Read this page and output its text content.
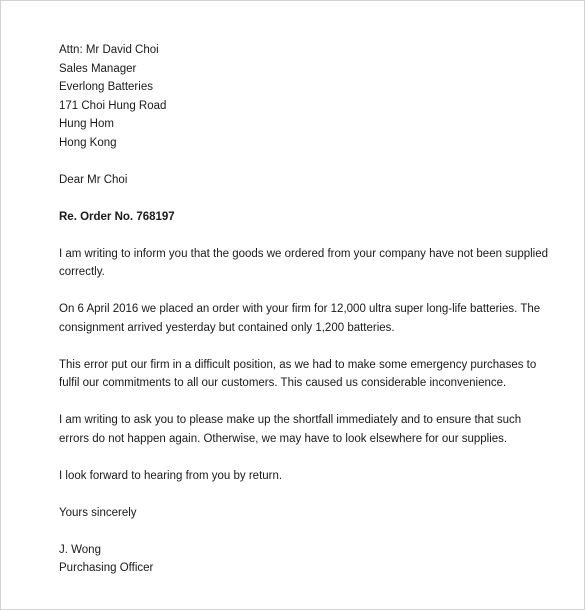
Attn: Mr David Choi
Sales Manager
Everlong Batteries
171 Choi Hung Road
Hung Hom
Hong Kong
Dear Mr Choi
Re. Order No. 768197
I am writing to inform you that the goods we ordered from your company have not been supplied
correctly.
On 6 April 2016 we placed an order with your firm for 12,000 ultra super long-life batteries. The
consignment arrived yesterday but contained only 1,200 batteries.
This error put our firm in a difficult position, as we had to make some emergency purchases to
fulfil our commitments to all our customers. This caused us considerable inconvenience.
I am writing to ask you to please make up the shortfall immediately and to ensure that such
errors do not happen again. Otherwise, we may have to look elsewhere for our supplies.
I look forward to hearing from you by return.
Yours sincerely
J. Wong
Purchasing Officer
